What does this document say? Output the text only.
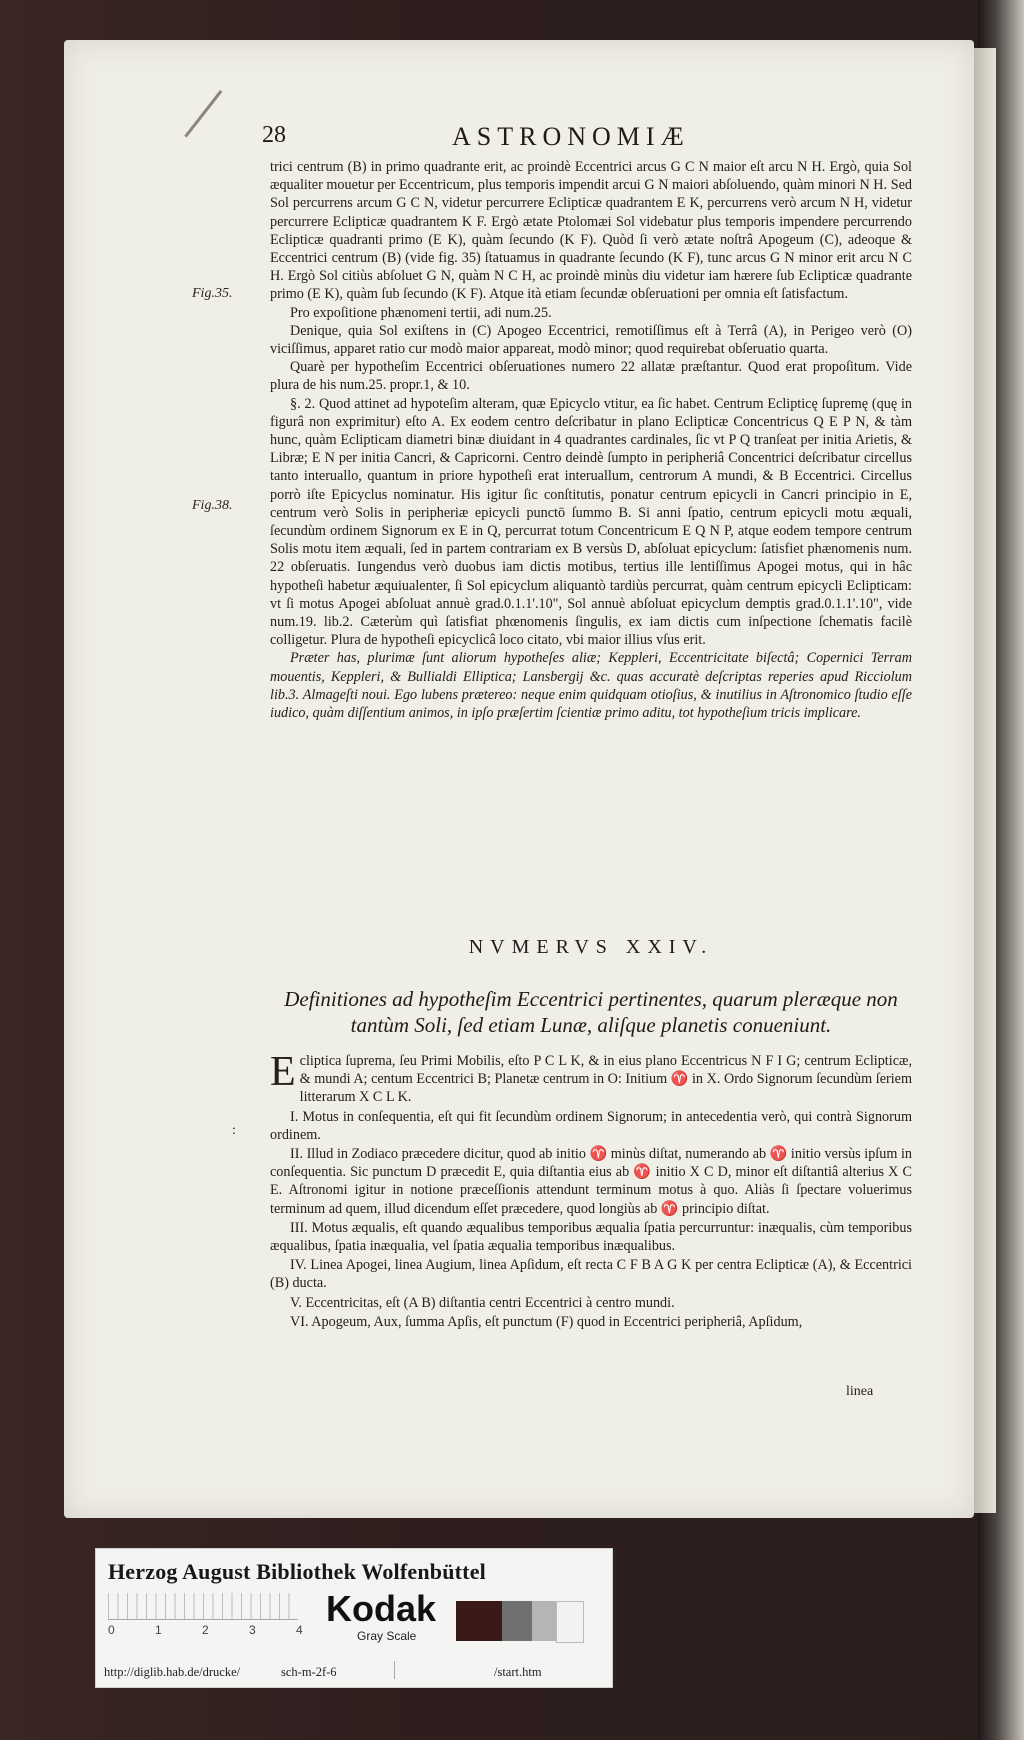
28	ASTRONOMIÆ
Fig.35.
Fig.38.

trici centrum (B) in primo quadrante erit, ac proindè Eccentrici arcus G C N maior eſt arcu N H. Ergò, quia Sol æqualiter mouetur per Eccentricum, plus temporis impendit arcui G N maiori abſoluendo, quàm minori N H. Sed Sol percurrens arcum G C N, videtur percurrere Eclipticæ quadrantem E K, percurrens verò arcum N H, videtur percurrere Eclipticæ quadrantem K F. Ergò ætate Ptolomæi Sol videbatur plus temporis impendere percurrendo Eclipticæ quadranti primo (E K), quàm ſecundo (K F). Quòd ſi verò ætate noſtrâ Apogeum (C), adeoque & Eccentrici centrum (B) (vide fig. 35) ſtatuamus in quadrante ſecundo (K F), tunc arcus G N minor erit arcu N C H. Ergò Sol citiùs abſoluet G N, quàm N C H, ac proindè minùs diu videtur iam hærere ſub Eclipticæ quadrante primo (E K), quàm ſub ſecundo (K F). Atque ità etiam ſecundæ obſeruationi per omnia eſt ſatisfactum.

Pro expoſitione phænomeni tertii, adi num.25.

Denique, quia Sol exiſtens in (C) Apogeo Eccentrici, remotiſſimus eſt à Terrâ (A), in Perigeo verò (O) viciſſimus, apparet ratio cur modò maior appareat, modò minor; quod requirebat obſeruatio quarta.

Quarè per hypotheſim Eccentrici obſeruationes numero 22 allatæ præſtantur. Quod erat propoſitum. Vide plura de his num.25. propr.1, & 10.

§. 2. Quod attinet ad hypoteſim alteram, quæ Epicyclo vtitur, ea ſic habet. Centrum Eclipticę ſupremę (quę in figurâ non exprimitur) eſto A. Ex eodem centro deſcribatur in plano Eclipticæ Concentricus Q E P N, & tàm hunc, quàm Eclipticam diametri binæ diuidant in 4 quadrantes cardinales, ſic vt P Q tranſeat per initia Arietis, & Libræ; E N per initia Cancri, & Capricorni. Centro deindè ſumpto in peripheriâ Concentrici deſcribatur circellus tanto interuallo, quantum in priore hypotheſi erat interuallum, centrorum A mundi, & B Eccentrici. Circellus porrò iſte Epicyclus nominatur. His igitur ſic conſtitutis, ponatur centrum epicycli in Cancri principio in E, centrum verò Solis in peripheriæ epicycli punctō ſummo B. Si anni ſpatio, centrum epicycli motu æquali, ſecundùm ordinem Signorum ex E in Q, percurrat totum Concentricum E Q N P, atque eodem tempore centrum Solis motu item æquali, ſed in partem contrariam ex B versùs D, abſoluat epicyclum: ſatisfiet phænomenis num. 22 obſeruatis. Iungendus verò duobus iam dictis motibus, tertius ille lentiſſimus Apogei motus, qui in hâc hypotheſi habetur æquiualenter, ſi Sol epicyclum aliquantò tardiùs percurrat, quàm centrum epicycli Eclipticam: vt ſi motus Apogei abſoluat annuè grad.0.1.1'.10", Sol annuè abſoluat epicyclum demptis grad.0.1.1'.10", vide num.19. lib.2. Cæterùm quì ſatisfiat phœnomenis ſingulis, ex iam dictis cum inſpectione ſchematis facilè colligetur. Plura de hypotheſi epicyclicâ loco citato, vbi maior illius vſus erit.

Præter has, plurimæ ſunt aliorum hypotheſes aliæ; Keppleri, Eccentricitate biſectâ; Copernici Terram mouentis, Keppleri, & Bullialdi Elliptica; Lansbergij &c. quas accuratè deſcriptas reperies apud Ricciolum lib.3. Almageſti noui. Ego lubens prætereo: neque enim quidquam otioſius, & inutilius in Aſtronomico ſtudio eſſe iudico, quàm diſſentium animos, in ipſo præſertim ſcientiæ primo aditu, tot hypotheſium tricis implicare.

NVMERVS XXIV.
Definitiones ad hypotheſim Eccentrici pertinentes, quarum pleræque non tantùm Soli, ſed etiam Lunæ, aliſque planetis conueniunt.
:

Ecliptica ſuprema, ſeu Primi Mobilis, eſto P C L K, & in eius plano Eccentricus N F I G; centrum Eclipticæ, & mundi A; centum Eccentrici B; Planetæ centrum in O: Initium ♈ in X. Ordo Signorum ſecundùm ſeriem litterarum X C L K.

I. Motus in conſequentia, eſt qui fit ſecundùm ordinem Signorum; in antecedentia verò, qui contrà Signorum ordinem.

II. Illud in Zodiaco præcedere dicitur, quod ab initio ♈ minùs diſtat, numerando ab ♈ initio versùs ipſum in conſequentia. Sic punctum D præcedit E, quia diſtantia eius ab ♈ initio X C D, minor eſt diſtantiâ alterius X C E. Aſtronomi igitur in notione præceſſionis attendunt terminum motus à quo. Aliàs ſi ſpectare voluerimus terminum ad quem, illud dicendum eſſet præcedere, quod longiùs ab ♈ principio diſtat.

III. Motus æqualis, eſt quando æqualibus temporibus æqualia ſpatia percurruntur: inæqualis, cùm temporibus æqualibus, ſpatia inæqualia, vel ſpatia æqualia temporibus inæqualibus.

IV. Linea Apogei, linea Augium, linea Apſidum, eſt recta C F B A G K per centra Eclipticæ (A), & Eccentrici (B) ducta.

V. Eccentricitas, eſt (A B) diſtantia centri Eccentrici à centro mundi.

VI. Apogeum, Aux, ſumma Apſis, eſt punctum (F) quod in Eccentrici peripheriâ, Apſidum,

linea
Herzog August Bibliothek Wolfenbüttel
0	1	2	3	4
Kodak
Gray Scale
http://diglib.hab.de/drucke/	sch-m-2f-6	/start.htm
